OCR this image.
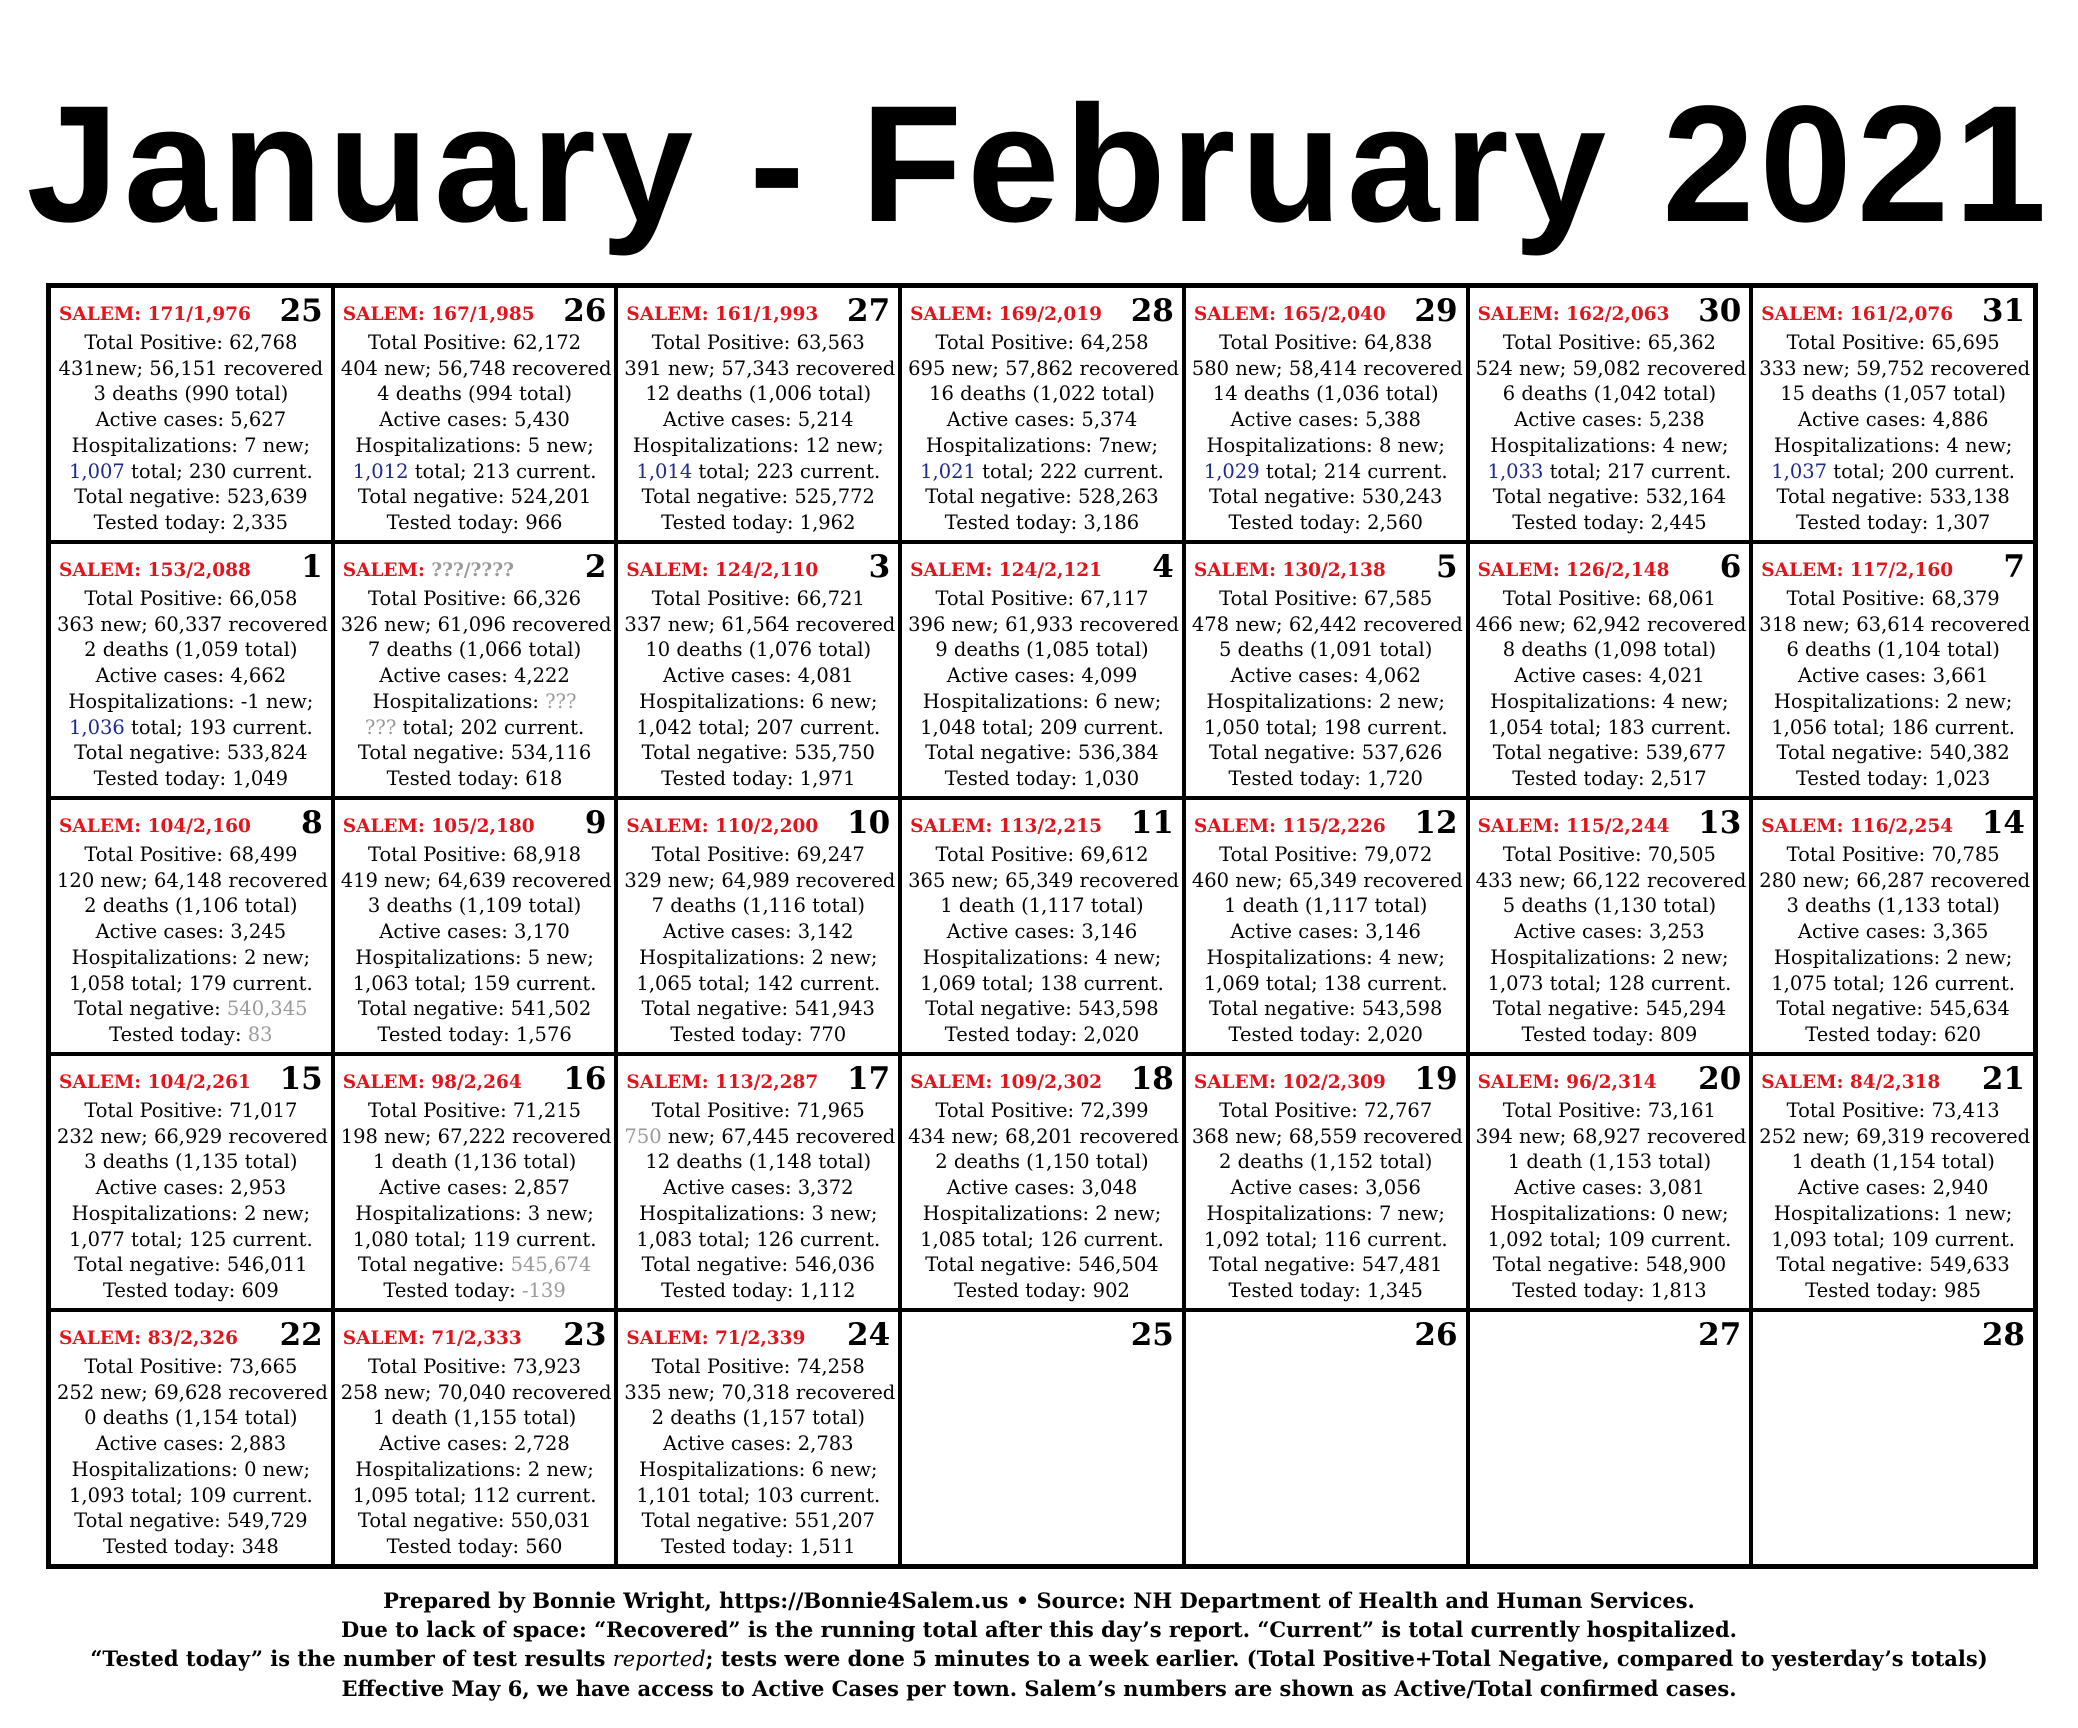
January - February 2021
SALEM: 171/1,976 25
Total Positive: 62,768
431new; 56,151 recovered
3 deaths (990 total)
Active cases: 5,627
Hospitalizations: 7 new;
1,007 total; 230 current.
Total negative: 523,639
Tested today: 2,335
SALEM: 167/1,985 26
Total Positive: 62,172
404 new; 56,748 recovered
4 deaths (994 total)
Active cases: 5,430
Hospitalizations: 5 new;
1,012 total; 213 current.
Total negative: 524,201
Tested today: 966
SALEM: 161/1,993 27
Total Positive: 63,563
391 new; 57,343 recovered
12 deaths (1,006 total)
Active cases: 5,214
Hospitalizations: 12 new;
1,014 total; 223 current.
Total negative: 525,772
Tested today: 1,962
SALEM: 169/2,019 28
Total Positive: 64,258
695 new; 57,862 recovered
16 deaths (1,022 total)
Active cases: 5,374
Hospitalizations: 7new;
1,021 total; 222 current.
Total negative: 528,263
Tested today: 3,186
SALEM: 165/2,040 29
Total Positive: 64,838
580 new; 58,414 recovered
14 deaths (1,036 total)
Active cases: 5,388
Hospitalizations: 8 new;
1,029 total; 214 current.
Total negative: 530,243
Tested today: 2,560
SALEM: 162/2,063 30
Total Positive: 65,362
524 new; 59,082 recovered
6 deaths (1,042 total)
Active cases: 5,238
Hospitalizations: 4 new;
1,033 total; 217 current.
Total negative: 532,164
Tested today: 2,445
SALEM: 161/2,076 31
Total Positive: 65,695
333 new; 59,752 recovered
15 deaths (1,057 total)
Active cases: 4,886
Hospitalizations: 4 new;
1,037 total; 200 current.
Total negative: 533,138
Tested today: 1,307
SALEM: 153/2,088 1
Total Positive: 66,058
363 new; 60,337 recovered
2 deaths (1,059 total)
Active cases: 4,662
Hospitalizations: -1 new;
1,036 total; 193 current.
Total negative: 533,824
Tested today: 1,049
SALEM: ???/???? 2
Total Positive: 66,326
326 new; 61,096 recovered
7 deaths (1,066 total)
Active cases: 4,222
Hospitalizations: ???
??? total; 202 current.
Total negative: 534,116
Tested today: 618
SALEM: 124/2,110 3
Total Positive: 66,721
337 new; 61,564 recovered
10 deaths (1,076 total)
Active cases: 4,081
Hospitalizations: 6 new;
1,042 total; 207 current.
Total negative: 535,750
Tested today: 1,971
SALEM: 124/2,121 4
Total Positive: 67,117
396 new; 61,933 recovered
9 deaths (1,085 total)
Active cases: 4,099
Hospitalizations: 6 new;
1,048 total; 209 current.
Total negative: 536,384
Tested today: 1,030
SALEM: 130/2,138 5
Total Positive: 67,585
478 new; 62,442 recovered
5 deaths (1,091 total)
Active cases: 4,062
Hospitalizations: 2 new;
1,050 total; 198 current.
Total negative: 537,626
Tested today: 1,720
SALEM: 126/2,148 6
Total Positive: 68,061
466 new; 62,942 recovered
8 deaths (1,098 total)
Active cases: 4,021
Hospitalizations: 4 new;
1,054 total; 183 current.
Total negative: 539,677
Tested today: 2,517
SALEM: 117/2,160 7
Total Positive: 68,379
318 new; 63,614 recovered
6 deaths (1,104 total)
Active cases: 3,661
Hospitalizations: 2 new;
1,056 total; 186 current.
Total negative: 540,382
Tested today: 1,023
SALEM: 104/2,160 8
Total Positive: 68,499
120 new; 64,148 recovered
2 deaths (1,106 total)
Active cases: 3,245
Hospitalizations: 2 new;
1,058 total; 179 current.
Total negative: 540,345
Tested today: 83
SALEM: 105/2,180 9
Total Positive: 68,918
419 new; 64,639 recovered
3 deaths (1,109 total)
Active cases: 3,170
Hospitalizations: 5 new;
1,063 total; 159 current.
Total negative: 541,502
Tested today: 1,576
SALEM: 110/2,200 10
Total Positive: 69,247
329 new; 64,989 recovered
7 deaths (1,116 total)
Active cases: 3,142
Hospitalizations: 2 new;
1,065 total; 142 current.
Total negative: 541,943
Tested today: 770
SALEM: 113/2,215 11
Total Positive: 69,612
365 new; 65,349 recovered
1 death (1,117 total)
Active cases: 3,146
Hospitalizations: 4 new;
1,069 total; 138 current.
Total negative: 543,598
Tested today: 2,020
SALEM: 115/2,226 12
Total Positive: 79,072
460 new; 65,349 recovered
1 death (1,117 total)
Active cases: 3,146
Hospitalizations: 4 new;
1,069 total; 138 current.
Total negative: 543,598
Tested today: 2,020
SALEM: 115/2,244 13
Total Positive: 70,505
433 new; 66,122 recovered
5 deaths (1,130 total)
Active cases: 3,253
Hospitalizations: 2 new;
1,073 total; 128 current.
Total negative: 545,294
Tested today: 809
SALEM: 116/2,254 14
Total Positive: 70,785
280 new; 66,287 recovered
3 deaths (1,133 total)
Active cases: 3,365
Hospitalizations: 2 new;
1,075 total; 126 current.
Total negative: 545,634
Tested today: 620
SALEM: 104/2,261 15
Total Positive: 71,017
232 new; 66,929 recovered
3 deaths (1,135 total)
Active cases: 2,953
Hospitalizations: 2 new;
1,077 total; 125 current.
Total negative: 546,011
Tested today: 609
SALEM: 98/2,264 16
Total Positive: 71,215
198 new; 67,222 recovered
1 death (1,136 total)
Active cases: 2,857
Hospitalizations: 3 new;
1,080 total; 119 current.
Total negative: 545,674
Tested today: -139
SALEM: 113/2,287 17
Total Positive: 71,965
750 new; 67,445 recovered
12 deaths (1,148 total)
Active cases: 3,372
Hospitalizations: 3 new;
1,083 total; 126 current.
Total negative: 546,036
Tested today: 1,112
SALEM: 109/2,302 18
Total Positive: 72,399
434 new; 68,201 recovered
2 deaths (1,150 total)
Active cases: 3,048
Hospitalizations: 2 new;
1,085 total; 126 current.
Total negative: 546,504
Tested today: 902
SALEM: 102/2,309 19
Total Positive: 72,767
368 new; 68,559 recovered
2 deaths (1,152 total)
Active cases: 3,056
Hospitalizations: 7 new;
1,092 total; 116 current.
Total negative: 547,481
Tested today: 1,345
SALEM: 96/2,314 20
Total Positive: 73,161
394 new; 68,927 recovered
1 death (1,153 total)
Active cases: 3,081
Hospitalizations: 0 new;
1,092 total; 109 current.
Total negative: 548,900
Tested today: 1,813
SALEM: 84/2,318 21
Total Positive: 73,413
252 new; 69,319 recovered
1 death (1,154 total)
Active cases: 2,940
Hospitalizations: 1 new;
1,093 total; 109 current.
Total negative: 549,633
Tested today: 985
SALEM: 83/2,326 22
Total Positive: 73,665
252 new; 69,628 recovered
0 deaths (1,154 total)
Active cases: 2,883
Hospitalizations: 0 new;
1,093 total; 109 current.
Total negative: 549,729
Tested today: 348
SALEM: 71/2,333 23
Total Positive: 73,923
258 new; 70,040 recovered
1 death (1,155 total)
Active cases: 2,728
Hospitalizations: 2 new;
1,095 total; 112 current.
Total negative: 550,031
Tested today: 560
SALEM: 71/2,339 24
Total Positive: 74,258
335 new; 70,318 recovered
2 deaths (1,157 total)
Active cases: 2,783
Hospitalizations: 6 new;
1,101 total; 103 current.
Total negative: 551,207
Tested today: 1,511
25	26	27	28
Prepared by Bonnie Wright, https://Bonnie4Salem.us • Source: NH Department of Health and Human Services.
Due to lack of space: “Recovered” is the running total after this day’s report. “Current” is total currently hospitalized.
“Tested today” is the number of test results reported; tests were done 5 minutes to a week earlier. (Total Positive+Total Negative, compared to yesterday’s totals)
Effective May 6, we have access to Active Cases per town. Salem’s numbers are shown as Active/Total confirmed cases.
